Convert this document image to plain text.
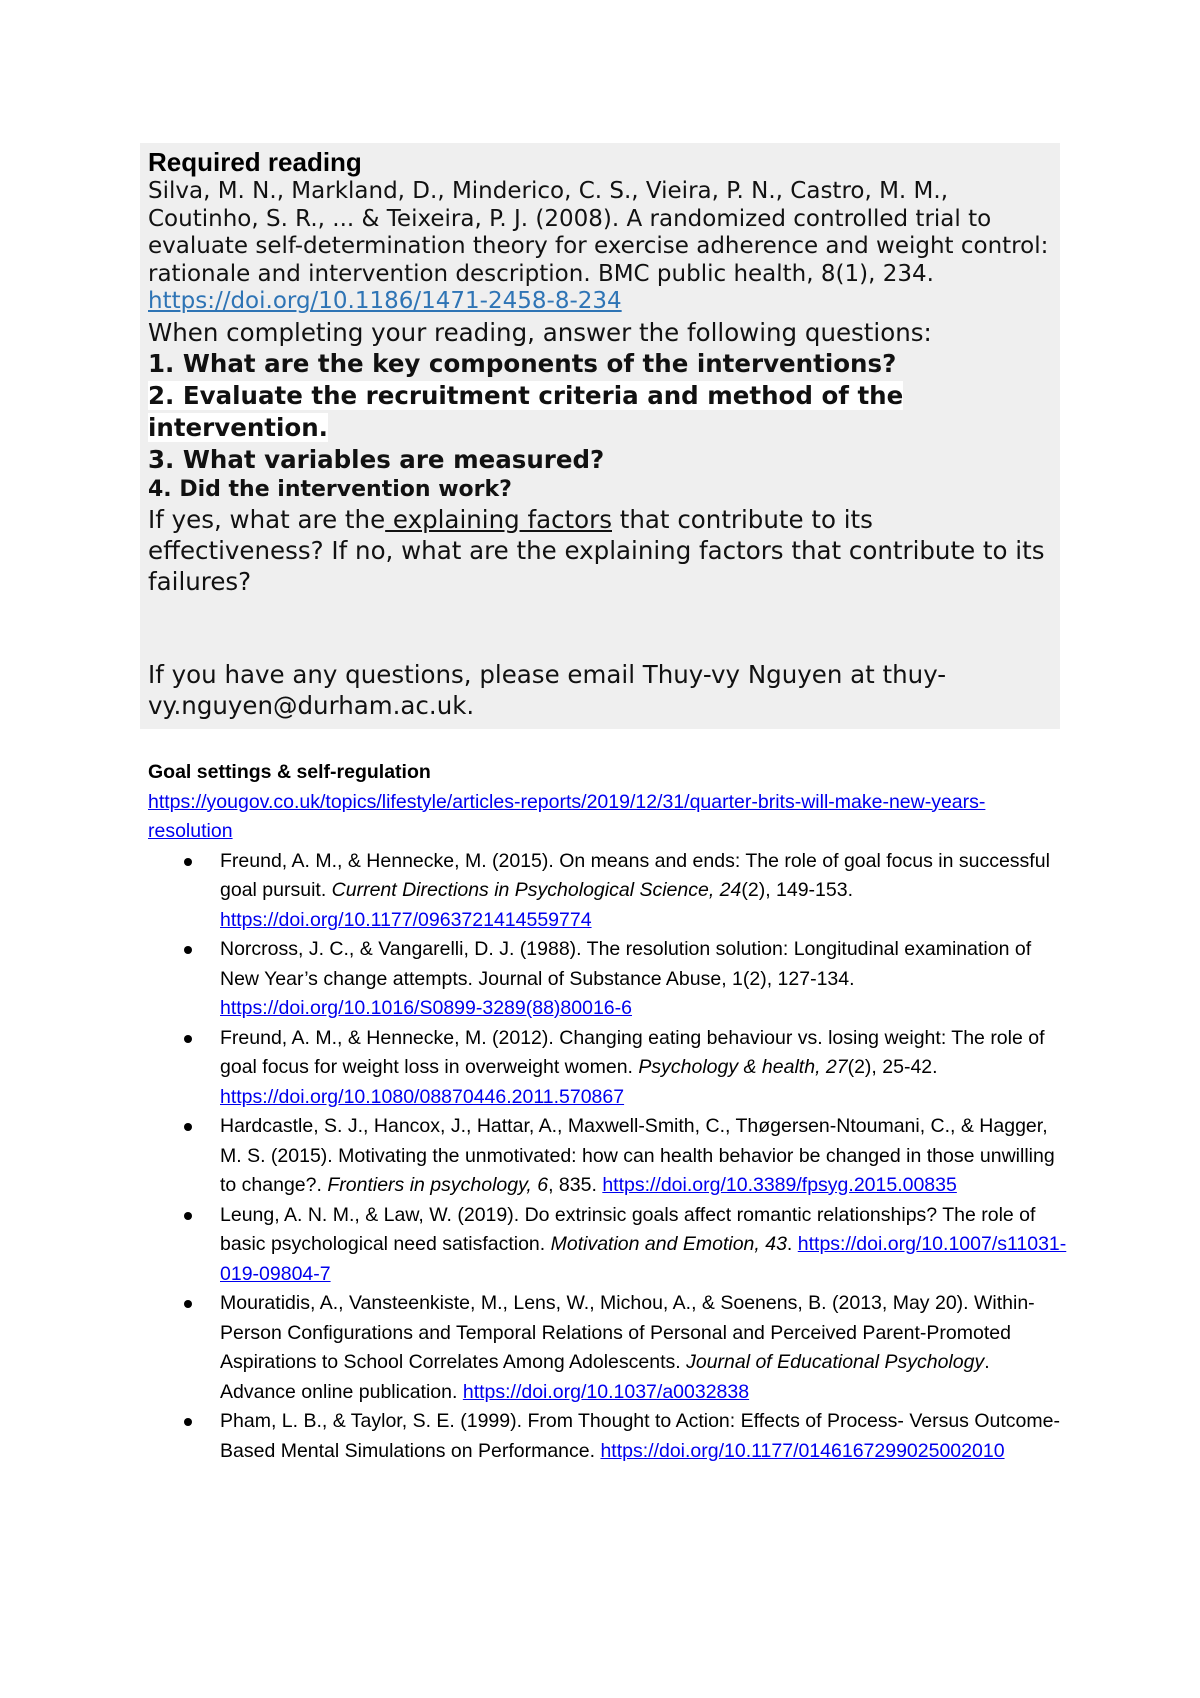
Required reading
Silva, M. N., Markland, D., Minderico, C. S., Vieira, P. N., Castro, M. M., Coutinho, S. R., ... & Teixeira, P. J. (2008). A randomized controlled trial to evaluate self-determination theory for exercise adherence and weight control: rationale and intervention description. BMC public health, 8(1), 234. https://doi.org/10.1186/1471-2458-8-234
When completing your reading, answer the following questions:
1. What are the key components of the interventions?
2. Evaluate the recruitment criteria and method of the intervention.
3. What variables are measured?
4. Did the intervention work?
If yes, what are the explaining factors that contribute to its effectiveness? If no, what are the explaining factors that contribute to its failures?
If you have any questions, please email Thuy-vy Nguyen at thuy-vy.nguyen@durham.ac.uk.
Goal settings & self-regulation
https://yougov.co.uk/topics/lifestyle/articles-reports/2019/12/31/quarter-brits-will-make-new-years-resolution
Freund, A. M., & Hennecke, M. (2015). On means and ends: The role of goal focus in successful goal pursuit. Current Directions in Psychological Science, 24(2), 149-153. https://doi.org/10.1177/0963721414559774
Norcross, J. C., & Vangarelli, D. J. (1988). The resolution solution: Longitudinal examination of New Year’s change attempts. Journal of Substance Abuse, 1(2), 127-134. https://doi.org/10.1016/S0899-3289(88)80016-6
Freund, A. M., & Hennecke, M. (2012). Changing eating behaviour vs. losing weight: The role of goal focus for weight loss in overweight women. Psychology & health, 27(2), 25-42. https://doi.org/10.1080/08870446.2011.570867
Hardcastle, S. J., Hancox, J., Hattar, A., Maxwell-Smith, C., Thøgersen-Ntoumani, C., & Hagger, M. S. (2015). Motivating the unmotivated: how can health behavior be changed in those unwilling to change?. Frontiers in psychology, 6, 835. https://doi.org/10.3389/fpsyg.2015.00835
Leung, A. N. M., & Law, W. (2019). Do extrinsic goals affect romantic relationships? The role of basic psychological need satisfaction. Motivation and Emotion, 43. https://doi.org/10.1007/s11031-019-09804-7
Mouratidis, A., Vansteenkiste, M., Lens, W., Michou, A., & Soenens, B. (2013, May 20). Within-Person Configurations and Temporal Relations of Personal and Perceived Parent-Promoted Aspirations to School Correlates Among Adolescents. Journal of Educational Psychology. Advance online publication. https://doi.org/10.1037/a0032838
Pham, L. B., & Taylor, S. E. (1999). From Thought to Action: Effects of Process- Versus Outcome-Based Mental Simulations on Performance. https://doi.org/10.1177/0146167299025002010
